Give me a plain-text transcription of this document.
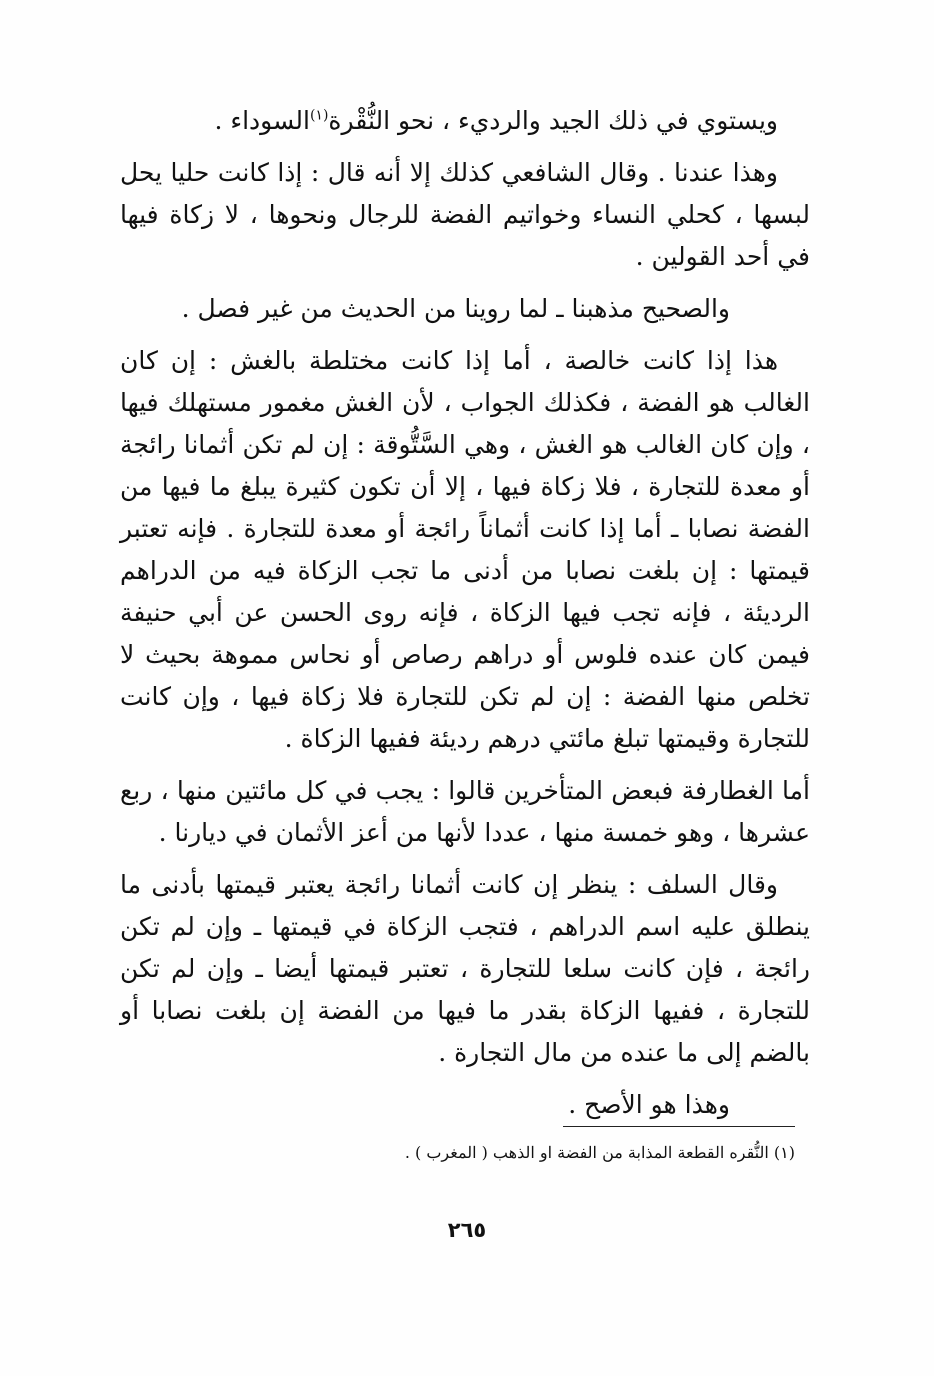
ويستوي في ذلك الجيد والرديء ، نحو النُّقْرة$^{(١)}$السوداء .

وهذا عندنا . وقال الشافعي كذلك إلا أنه قال : إذا كانت حليا يحل لبسها ، كحلي النساء وخواتيم الفضة للرجال ونحوها ، لا زكاة فيها في أحد القولين .

والصحيح مذهبنا ـ لما روينا من الحديث من غير فصل .

هذا إذا كانت خالصة ، أما إذا كانت مختلطة بالغش : إن كان الغالب هو الفضة ، فكذلك الجواب ، لأن الغش مغمور مستهلك فيها ، وإن كان الغالب هو الغش ، وهي السَّتُّوقة : إن لم تكن أثمانا رائجة أو معدة للتجارة ، فلا زكاة فيها ، إلا أن تكون كثيرة يبلغ ما فيها من الفضة نصابا ـ أما إذا كانت أثماناً رائجة أو معدة للتجارة . فإنه تعتبر قيمتها : إن بلغت نصابا من أدنى ما تجب الزكاة فيه من الدراهم الرديئة ، فإنه تجب فيها الزكاة ، فإنه روى الحسن عن أبي حنيفة فيمن كان عنده فلوس أو دراهم رصاص أو نحاس مموهة بحيث لا تخلص منها الفضة : إن لم تكن للتجارة فلا زكاة فيها ، وإن كانت للتجارة وقيمتها تبلغ مائتي درهم رديئة ففيها الزكاة .

أما الغطارفة فبعض المتأخرين قالوا : يجب في كل مائتين منها ، ربع عشرها ، وهو خمسة منها ، عددا لأنها من أعز الأثمان في ديارنا .

وقال السلف : ينظر إن كانت أثمانا رائجة يعتبر قيمتها بأدنى ما ينطلق عليه اسم الدراهم ، فتجب الزكاة في قيمتها ـ وإن لم تكن رائجة ، فإن كانت سلعا للتجارة ، تعتبر قيمتها أيضا ـ وإن لم تكن للتجارة ، ففيها الزكاة بقدر ما فيها من الفضة إن بلغت نصابا أو بالضم إلى ما عنده من مال التجارة .

وهذا هو الأصح .

(١) النُّقره القطعة المذابة من الفضة او الذهب ( المغرب ) .

٢٦٥
